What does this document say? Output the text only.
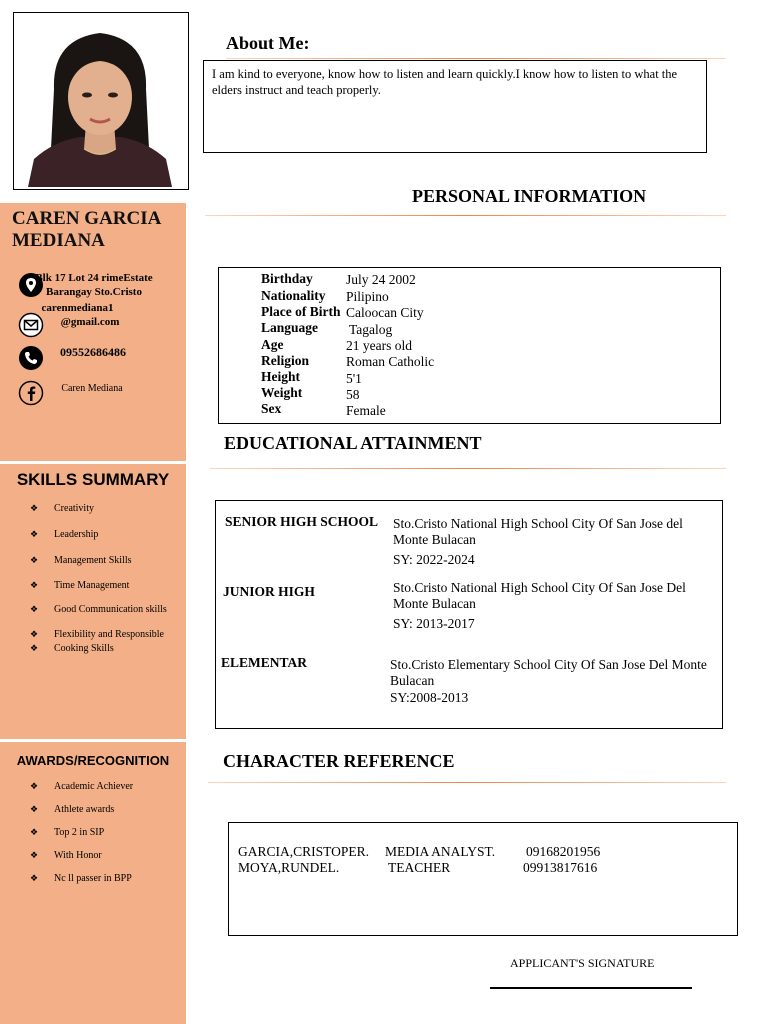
CAREN GARCIA MEDIANA
Blk 17 Lot 24 rimeEstate Barangay Sto.Cristo
carenmediana1
@gmail.com
09552686486
Caren Mediana
SKILLS SUMMARY
❖ Creativity
❖ Leadership
❖ Management Skills
❖ Time Management
❖ Good Communication skills
❖ Flexibility and Responsible
❖ Cooking Skills
AWARDS/RECOGNITION
❖ Academic Achiever
❖ Athlete awards
❖ Top 2 in SIP
❖ With Honor
❖ Nc ll passer in BPP
About Me:
I am kind to everyone, know how to listen and learn quickly.I know how to listen to what the elders instruct and teach properly.
PERSONAL INFORMATION
Birthday July 24 2002
Nationality Pilipino
Place of Birth Caloocan City
Language Tagalog
Age	21 years old
Religion	Roman Catholic
Height	5'1
Weight	58
Sex	Female
EDUCATIONAL ATTAINMENT
SENIOR HIGH SCHOOL Sto.Cristo National High School City Of San Jose del Monte Bulacan
SY: 2022-2024
JUNIOR HIGH	Sto.Cristo National High School City Of San Jose Del Monte Bulacan
SY: 2013-2017
ELEMENTAR	Sto.Cristo Elementary School City Of San Jose Del Monte Bulacan
SY:2008-2013
CHARACTER REFERENCE
GARCIA,CRISTOPER. MEDIA ANALYST. 09168201956
MOYA,RUNDEL.	TEACHER	09913817616
APPLICANT'S SIGNATURE
